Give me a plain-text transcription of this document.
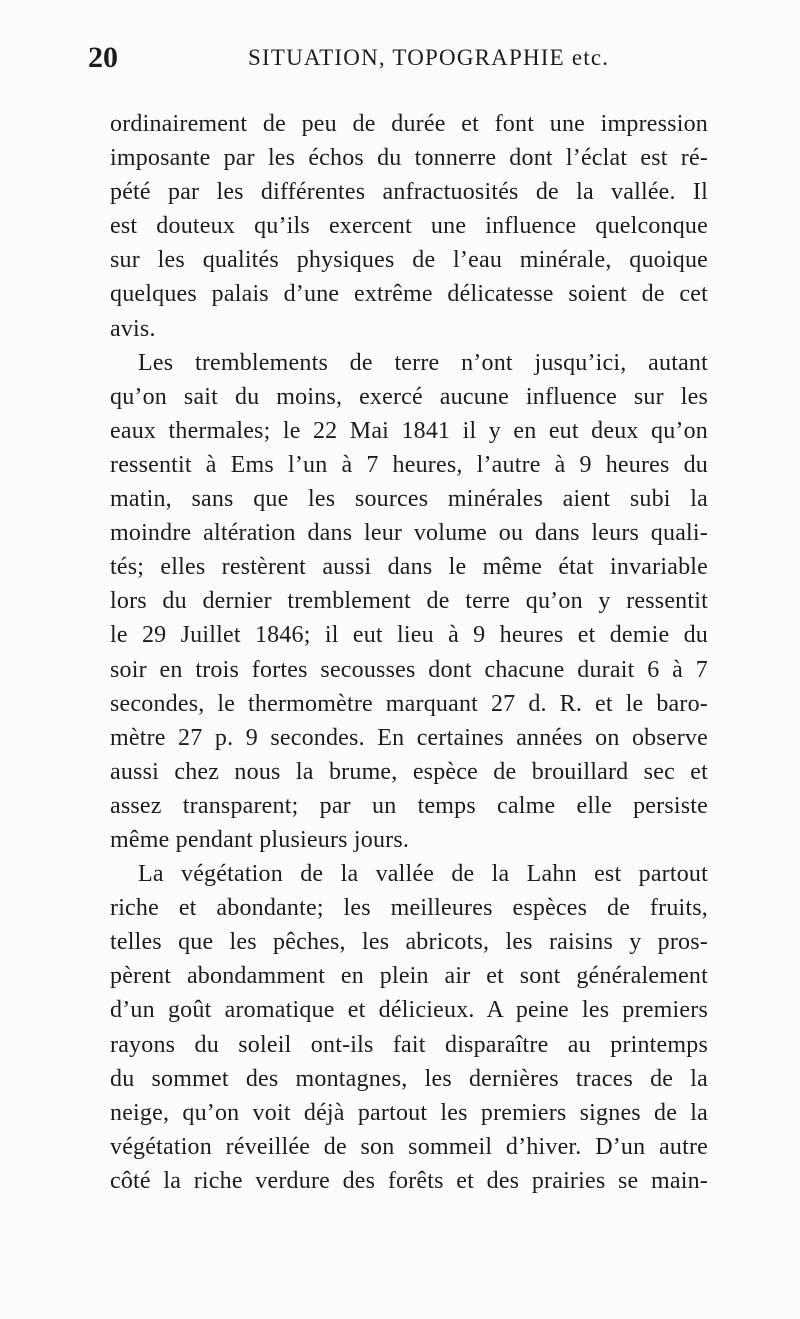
20	SITUATION, TOPOGRAPHIE etc.
ordinairement de peu de durée et font une impression
imposante par les échos du tonnerre dont l’éclat est ré-
pété par les différentes anfractuosités de la vallée. Il
est douteux qu’ils exercent une influence quelconque
sur les qualités physiques de l’eau minérale, quoique
quelques palais d’une extrême délicatesse soient de cet
avis.
Les tremblements de terre n’ont jusqu’ici, autant
qu’on sait du moins, exercé aucune influence sur les
eaux thermales; le 22 Mai 1841 il y en eut deux qu’on
ressentit à Ems l’un à 7 heures, l’autre à 9 heures du
matin, sans que les sources minérales aient subi la
moindre altération dans leur volume ou dans leurs quali-
tés; elles restèrent aussi dans le même état invariable
lors du dernier tremblement de terre qu’on y ressentit
le 29 Juillet 1846; il eut lieu à 9 heures et demie du
soir en trois fortes secousses dont chacune durait 6 à 7
secondes, le thermomètre marquant 27 d. R. et le baro-
mètre 27 p. 9 secondes. En certaines années on observe
aussi chez nous la brume, espèce de brouillard sec et
assez transparent; par un temps calme elle persiste
même pendant plusieurs jours.
La végétation de la vallée de la Lahn est partout
riche et abondante; les meilleures espèces de fruits,
telles que les pêches, les abricots, les raisins y pros-
pèrent abondamment en plein air et sont généralement
d’un goût aromatique et délicieux. A peine les premiers
rayons du soleil ont-ils fait disparaître au printemps
du sommet des montagnes, les dernières traces de la
neige, qu’on voit déjà partout les premiers signes de la
végétation réveillée de son sommeil d’hiver. D’un autre
côté la riche verdure des forêts et des prairies se main-
